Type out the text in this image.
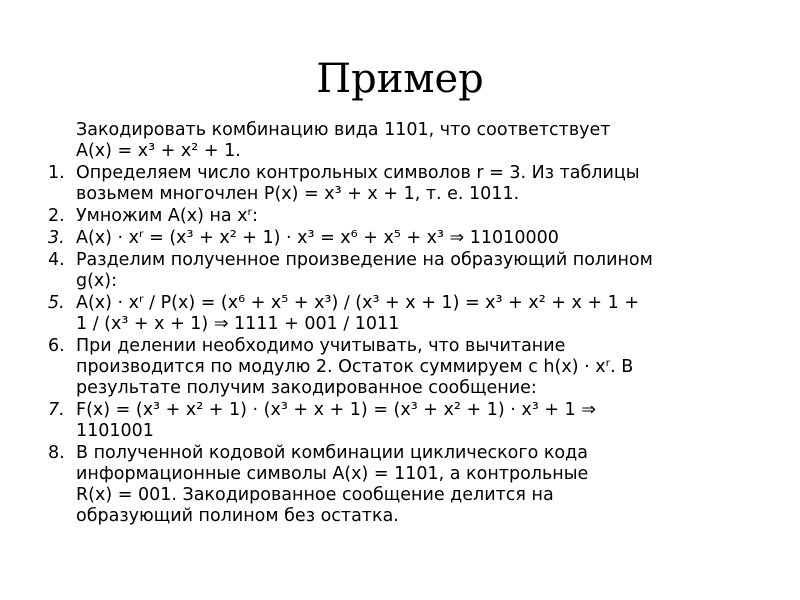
Пример
Закодировать комбинацию вида 1101, что соответствует
A(x) = x³ + x² + 1.
1. Определяем число контрольных символов r = 3. Из таблицы
возьмем многочлен P(x) = x³ + x + 1, т. е. 1011.
2. Умножим A(x) на xʳ:
3. A(x) · xʳ = (x³ + x² + 1) · x³ = x⁶ + x⁵ + x³ ⇒ 11010000
4. Разделим полученное произведение на образующий полином
g(x):
5. A(x) · xʳ ∕ P(x) = (x⁶ + x⁵ + x³) ∕ (x³ + x + 1) = x³ + x² + x + 1 +
1 ∕ (x³ + x + 1) ⇒ 1111 + 001 ∕ 1011
6. При делении необходимо учитывать, что вычитание
производится по модулю 2. Остаток суммируем с h(x) · xʳ. В
результате получим закодированное сообщение:
7. F(x) = (x³ + x² + 1) · (x³ + x + 1) = (x³ + x² + 1) · x³ + 1 ⇒
1101001
8. В полученной кодовой комбинации циклического кода
информационные символы A(x) = 1101, а контрольные
R(x) = 001. Закодированное сообщение делится на
образующий полином без остатка.
